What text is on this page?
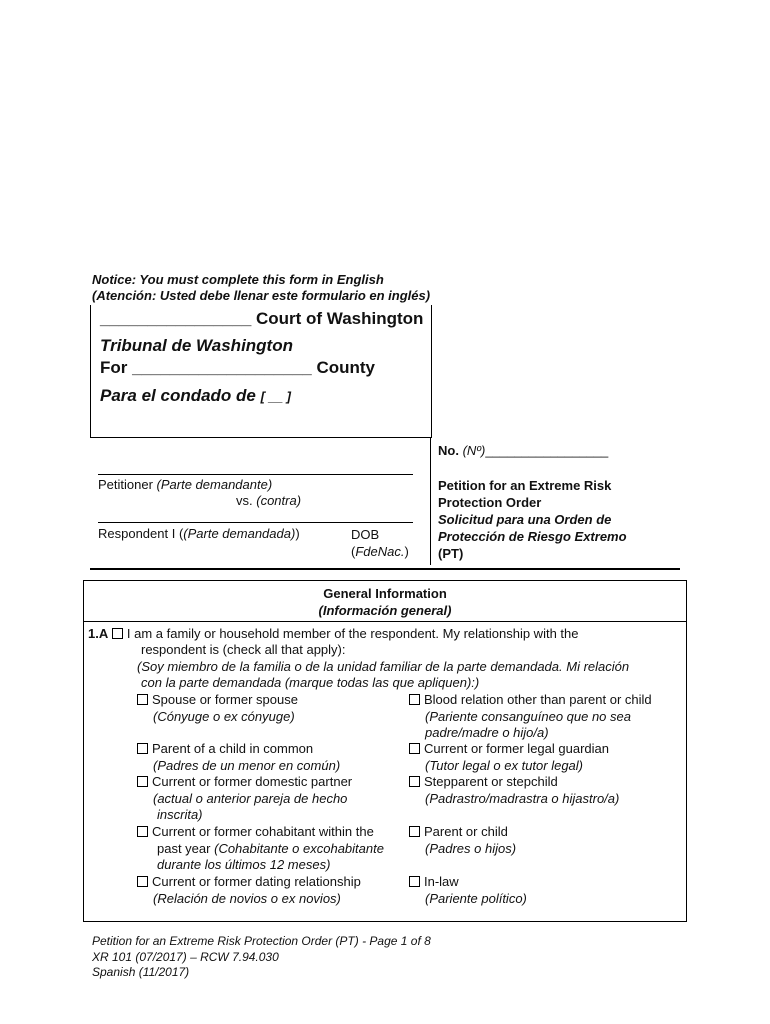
Notice: You must complete this form in English
(Atención: Usted debe llenar este formulario en inglés)
________________ Court of Washington
Tribunal de Washington
For ___________________ County
Para el condado de [ __ ]
No. (Nº)_________________
Petitioner (Parte demandante)
vs. (contra)
Respondent I ((Parte demandada))	DOB
(FdeNac.)
Petition for an Extreme Risk
Protection Order
Solicitud para una Orden de
Protección de Riesgo Extremo
(PT)
General Information
(Información general)
1.A I am a family or household member of the respondent. My relationship with the
respondent is (check all that apply):
(Soy miembro de la familia o de la unidad familiar de la parte demandada. Mi relación
con la parte demandada (marque todas las que apliquen):)
Spouse or former spouse
(Cónyuge o ex cónyuge)
Parent of a child in common
(Padres de un menor en común)
Current or former domestic partner
(actual o anterior pareja de hecho
inscrita)
Current or former cohabitant within the
past year (Cohabitante o excohabitante
durante los últimos 12 meses)
Current or former dating relationship
(Relación de novios o ex novios)
Blood relation other than parent or child
(Pariente consanguíneo que no sea
padre/madre o hijo/a)
Current or former legal guardian
(Tutor legal o ex tutor legal)
Stepparent or stepchild
(Padrastro/madrastra o hijastro/a)
Parent or child
(Padres o hijos)
In-law
(Pariente político)
Petition for an Extreme Risk Protection Order (PT) - Page 1 of 8
XR 101 (07/2017) – RCW 7.94.030
Spanish (11/2017)
